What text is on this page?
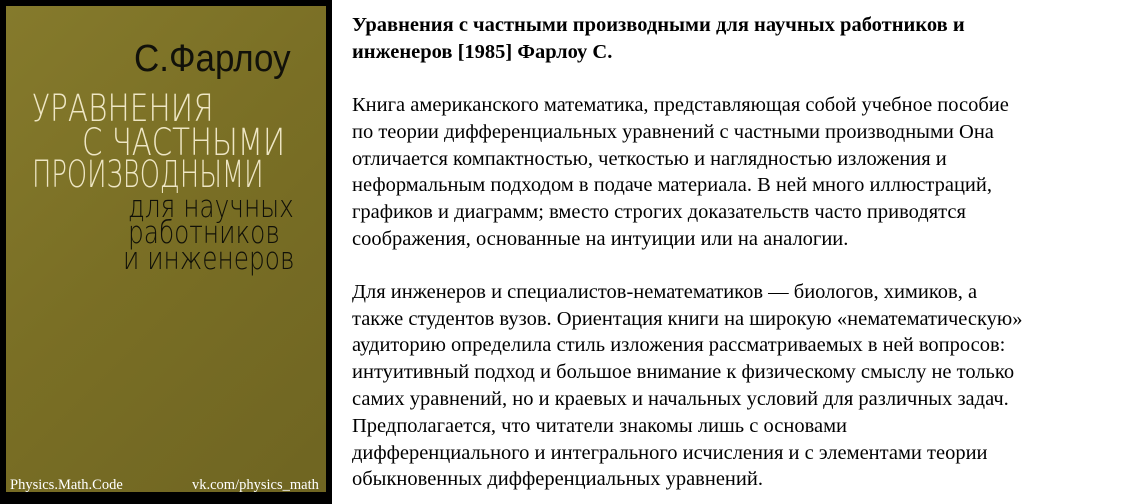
С.Фарлоу
УРАВНЕНИЯ
С ЧАСТНЫМИ
ПРОИЗВОДНЫМИ
для научных
работников
и инженеров
Physics.Math.Code	vk.com/physics_math
Уравнения с частными производными для научных работников и
инженеров [1985] Фарлоу С.

Книга американского математика, представляющая собой учебное пособие
по теории дифференциальных уравнений с частными производными Она
отличается компактностью, четкостью и наглядностью изложения и
неформальным подходом в подаче материала. В ней много иллюстраций,
графиков и диаграмм; вместо строгих доказательств часто приводятся
соображения, основанные на интуиции или на аналогии.

Для инженеров и специалистов-нематематиков — биологов, химиков, а
также студентов вузов. Ориентация книги на широкую «нематематическую»
аудиторию определила стиль изложения рассматриваемых в ней вопросов:
интуитивный подход и большое внимание к физическому смыслу не только
самих уравнений, но и краевых и начальных условий для различных задач.
Предполагается, что читатели знакомы лишь с основами
дифференциального и интегрального исчисления и с элементами теории
обыкновенных дифференциальных уравнений.
